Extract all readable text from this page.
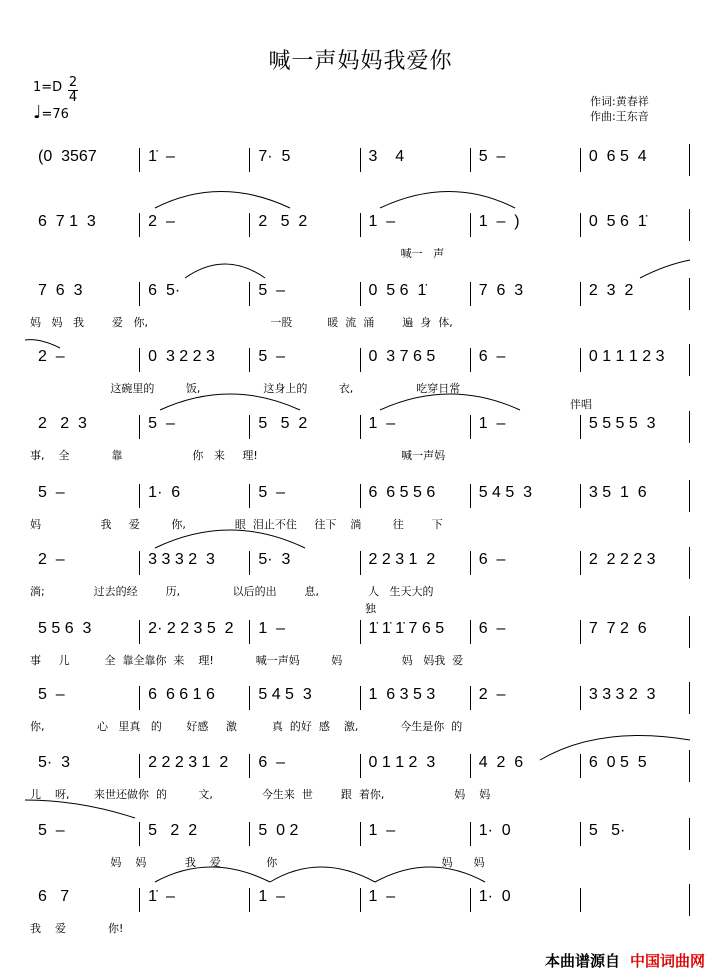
喊一声妈妈我爱你
1=D 2
4
♩=76
作词:黄春祥
作曲:王东音
(0  3567	1̇  –	7·  5	3    4	5  –	0  6 5  4
6  7 1  3	2  –	2   5  2	1  –	1  –  )	0  5 6  1̇
喊一   声
7  6  3	6  5·	5  –	0  5 6  1̇	7  6  3	2  3  2
妈   妈   我        爱   你,                                   一股          暖  流  涌        遍  身  体,
2  –	0  3 2 2 3	5  –	0  3 7 6 5	6  –	0 1 1 1 2 3
这碗里的         饭,                  这身上的         衣,                  吃穿日常
2   2  3	5  –	5   5  2	1  –	1  –	5 5 5 5  3
事,    全            靠                    你   来     理!                                         喊一声妈
5  –	1·  6	5  –	6  6 5 5 6	5 4 5  3	3 5  1  6
妈                 我     爱         你,              眼  泪止不住     往下    淌         往        下
2  –	3 3 3 2  3	5·  3	2 2 3 1  2	6  –	2  2 2 2 3
淌;              过去的经        历,               以后的出        息,              人   生天大的
5 5 6  3	2· 2 2 3 5  2	1  –	1̇ 1̇ 1̇ 7 6 5	6  –	7  7 2  6
事     儿          全  靠全靠你  来    理!            喊一声妈         妈                 妈   妈我  爱
5  –	6  6 6 1 6	5 4 5  3	1  6 3 5 3	2  –	3 3 3 2  3
你,               心   里真   的       好感     激          真  的好  感    激,            今生是你  的
5·  3	2 2 2 3 1  2	6  –	0 1 1 2  3	4  2  6	6  0 5  5
儿    呀,       来世还做你  的         文,              今生来  世        跟  着你,                    妈    妈
5  –	5   2  2	5  0 2	1  –	1·  0	5   5·
妈    妈           我    爱             你                                               妈      妈
6   7	1̇  –	1  –	1  –	1·  0
我    爱            你!
伴唱
独
本曲谱源自 中国词曲网
